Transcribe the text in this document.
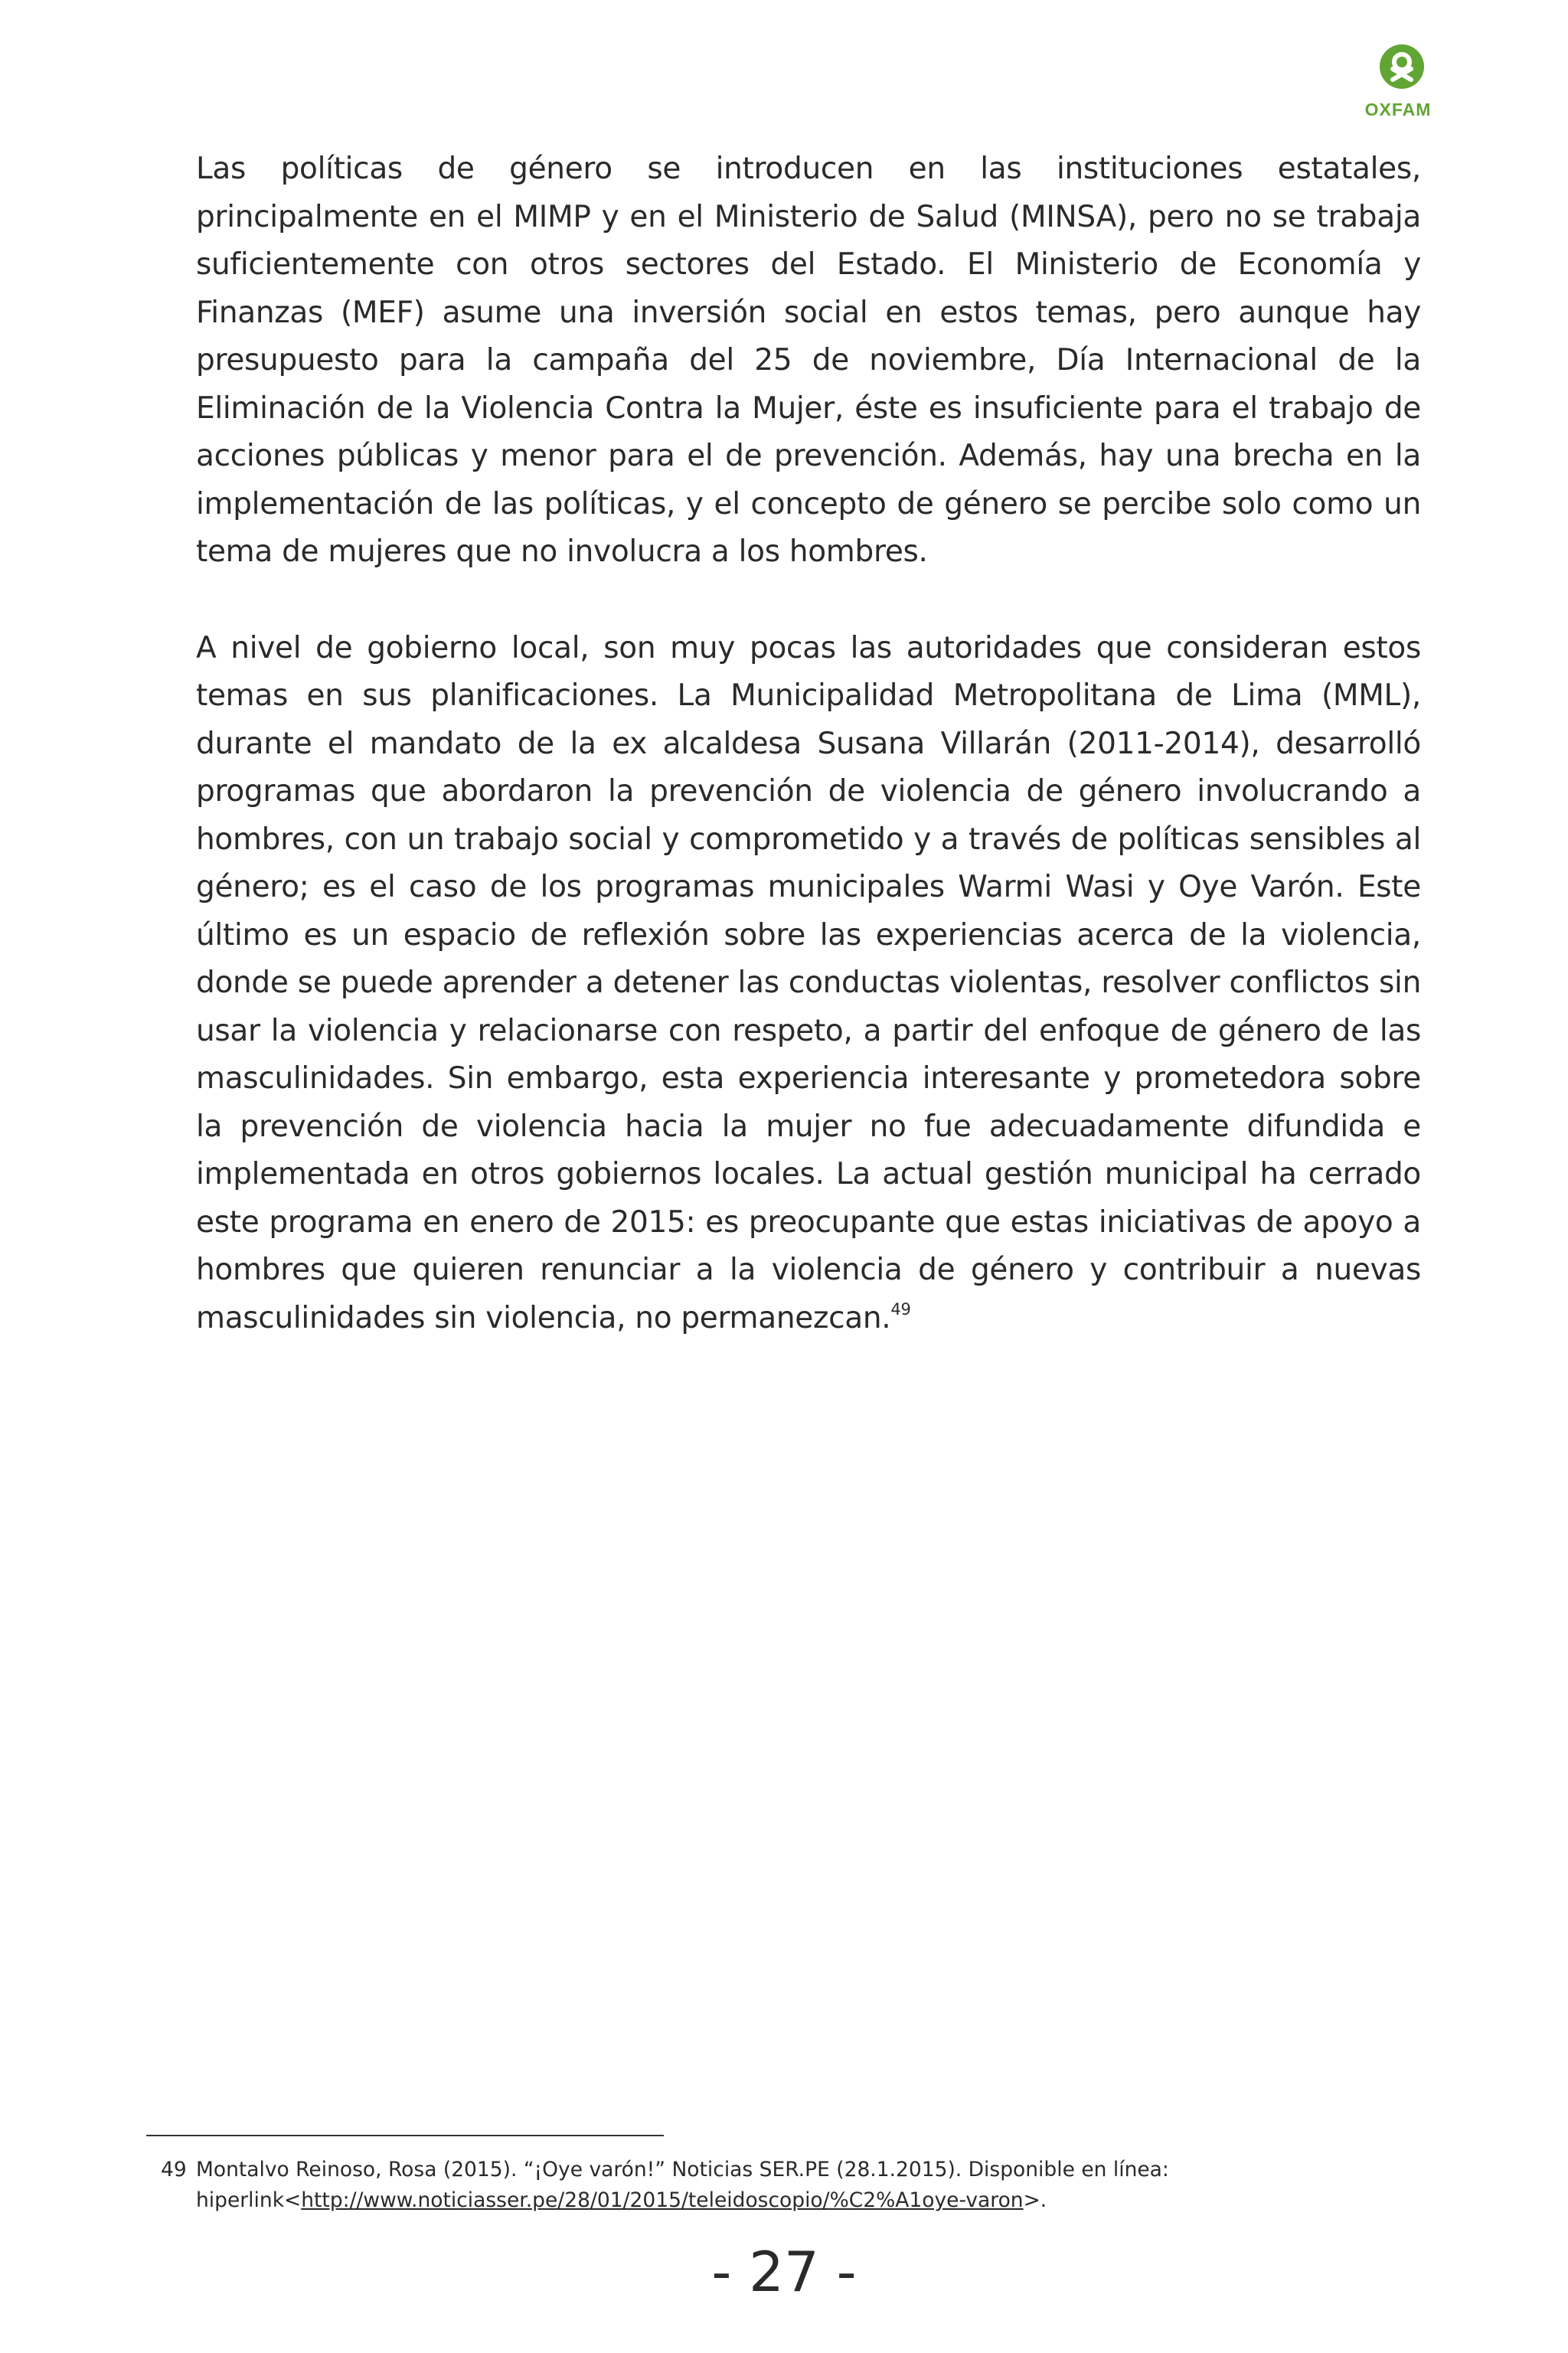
OXFAM

Las políticas de género se introducen en las instituciones estatales, principalmente en el MIMP y en el Ministerio de Salud (MINSA), pero no se trabaja suficientemente con otros sectores del Estado. El Ministerio de Economía y Finanzas (MEF) asume una inversión social en estos temas, pero aunque hay presupuesto para la campaña del 25 de noviembre, Día Internacional de la Eliminación de la Violencia Contra la Mujer, éste es insuficiente para el trabajo de acciones públicas y menor para el de prevención. Además, hay una brecha en la implementación de las políticas, y el concepto de género se percibe solo como un tema de mujeres que no involucra a los hombres.

A nivel de gobierno local, son muy pocas las autoridades que consideran estos temas en sus planificaciones. La Municipalidad Metropolitana de Lima (MML), durante el mandato de la ex alcaldesa Susana Villarán (2011-2014), desarrolló programas que abordaron la prevención de violencia de género involucrando a hombres, con un trabajo social y comprometido y a través de políticas sensibles al género; es el caso de los programas municipales Warmi Wasi y Oye Varón. Este último es un espacio de reflexión sobre las experiencias acerca de la violencia, donde se puede aprender a detener las conductas violentas, resolver conflictos sin usar la violencia y relacionarse con respeto, a partir del enfoque de género de las masculinidades. Sin embargo, esta experiencia interesante y prometedora sobre la prevención de violencia hacia la mujer no fue adecuadamente difundida e implementada en otros gobiernos locales. La actual gestión municipal ha cerrado este programa en enero de 2015: es preocupante que estas iniciativas de apoyo a hombres que quieren renunciar a la violencia de género y contribuir a nuevas masculinidades sin violencia, no permanezcan.$^{49}$

49 Montalvo Reinoso, Rosa (2015). “¡Oye varón!” Noticias SER.PE (28.1.2015). Disponible en línea:
hiperlink<http://www.noticiasser.pe/28/01/2015/teleidoscopio/%C2%A1oye-varon>.
- 27 -
